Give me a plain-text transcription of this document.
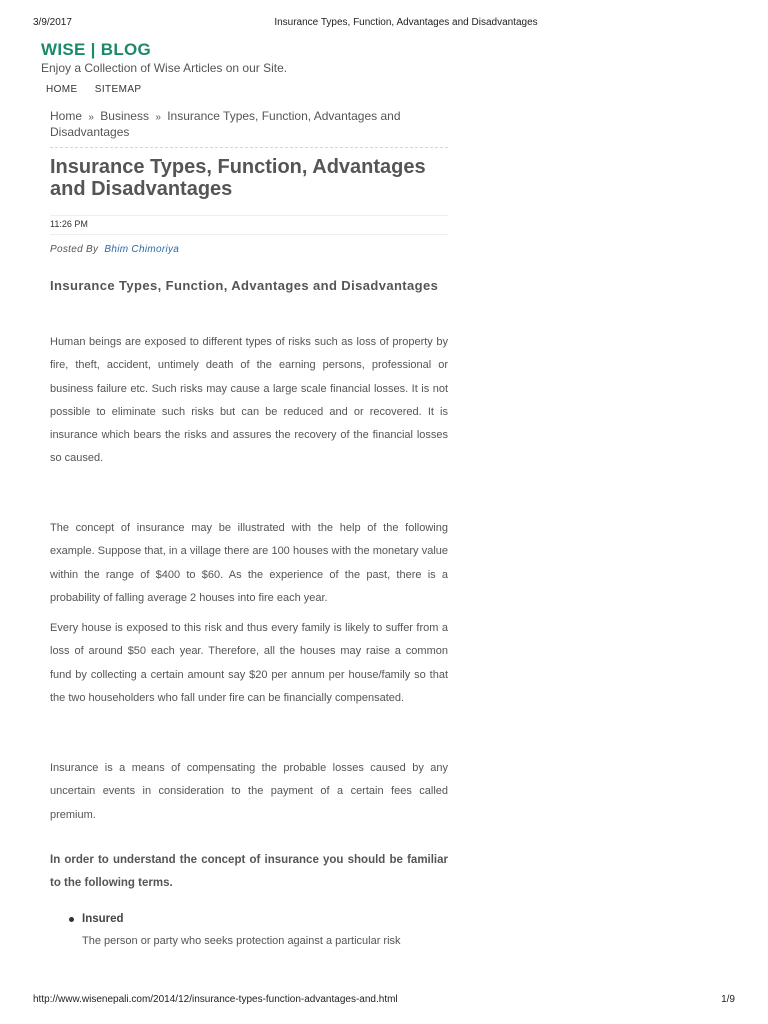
3/9/2017	Insurance Types, Function, Advantages and Disadvantages
WISE | BLOG
Enjoy a Collection of Wise Articles on our Site.
HOME SITEMAP
Home » Business » Insurance Types, Function, Advantages and Disadvantages
Insurance Types, Function, Advantages and Disadvantages
11:26 PM
Posted By Bhim Chimoriya
Insurance Types, Function, Advantages and Disadvantages

Human beings are exposed to different types of risks such as loss of property by fire, theft, accident, untimely death of the earning persons, professional or business failure etc. Such risks may cause a large scale financial losses. It is not possible to eliminate such risks but can be reduced and or recovered. It is insurance which bears the risks and assures the recovery of the financial losses so caused.

The concept of insurance may be illustrated with the help of the following example. Suppose that, in a village there are 100 houses with the monetary value within the range of $400 to $60. As the experience of the past, there is a probability of falling average 2 houses into fire each year.

Every house is exposed to this risk and thus every family is likely to suffer from a loss of around $50 each year. Therefore, all the houses may raise a common fund by collecting a certain amount say $20 per annum per house/family so that the two householders who fall under fire can be financially compensated.

Insurance is a means of compensating the probable losses caused by any uncertain events in consideration to the payment of a certain fees called premium.

In order to understand the concept of insurance you should be familiar to the following terms.

Insured
The person or party who seeks protection against a particular risk
http://www.wisenepali.com/2014/12/insurance-types-function-advantages-and.html	1/9
